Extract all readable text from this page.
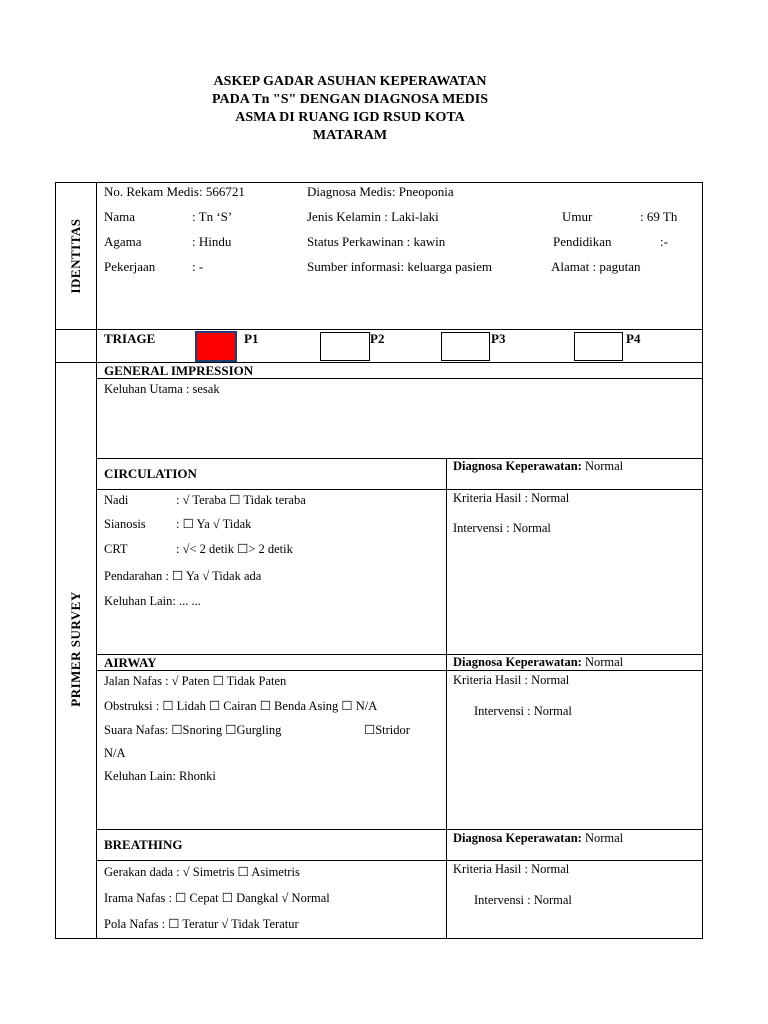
ASKEP GADAR ASUHAN KEPERAWATAN
PADA Tn "S" DENGAN DIAGNOSA MEDIS
ASMA DI RUANG IGD RSUD KOTA
MATARAM
IDENTITAS
PRIMER SURVEY
No. Rekam Medis: 566721	Diagnosa Medis: Pneoponia
Nama	: Tn ‘S’	Jenis Kelamin : Laki-laki	Umur	: 69 Th
Agama	: Hindu	Status Perkawinan : kawin	Pendidikan	:-
Pekerjaan	: -	Sumber informasi: keluarga pasiem	Alamat : pagutan
TRIAGE	P1	P2	P3	P4
GENERAL IMPRESSION
Keluhan Utama : sesak
CIRCULATION	Diagnosa Keperawatan: Normal
Nadi	: √ Teraba ☐ Tidak teraba
Sianosis : ☐ Ya √ Tidak
CRT	: √< 2 detik ☐> 2 detik
Pendarahan : ☐ Ya √ Tidak ada
Keluhan Lain: ... ...
Kriteria Hasil : Normal
Intervensi : Normal
AIRWAY	Diagnosa Keperawatan: Normal
Jalan Nafas : √ Paten ☐ Tidak Paten
Obstruksi : ☐ Lidah ☐ Cairan ☐ Benda Asing ☐ N/A
Suara Nafas: ☐Snoring ☐Gurgling	☐Stridor
N/A
Keluhan Lain: Rhonki
Kriteria Hasil : Normal
Intervensi : Normal
BREATHING	Diagnosa Keperawatan: Normal
Gerakan dada : √ Simetris ☐ Asimetris
Irama Nafas : ☐ Cepat ☐ Dangkal √ Normal
Pola Nafas : ☐ Teratur √ Tidak Teratur
Kriteria Hasil : Normal
Intervensi : Normal
